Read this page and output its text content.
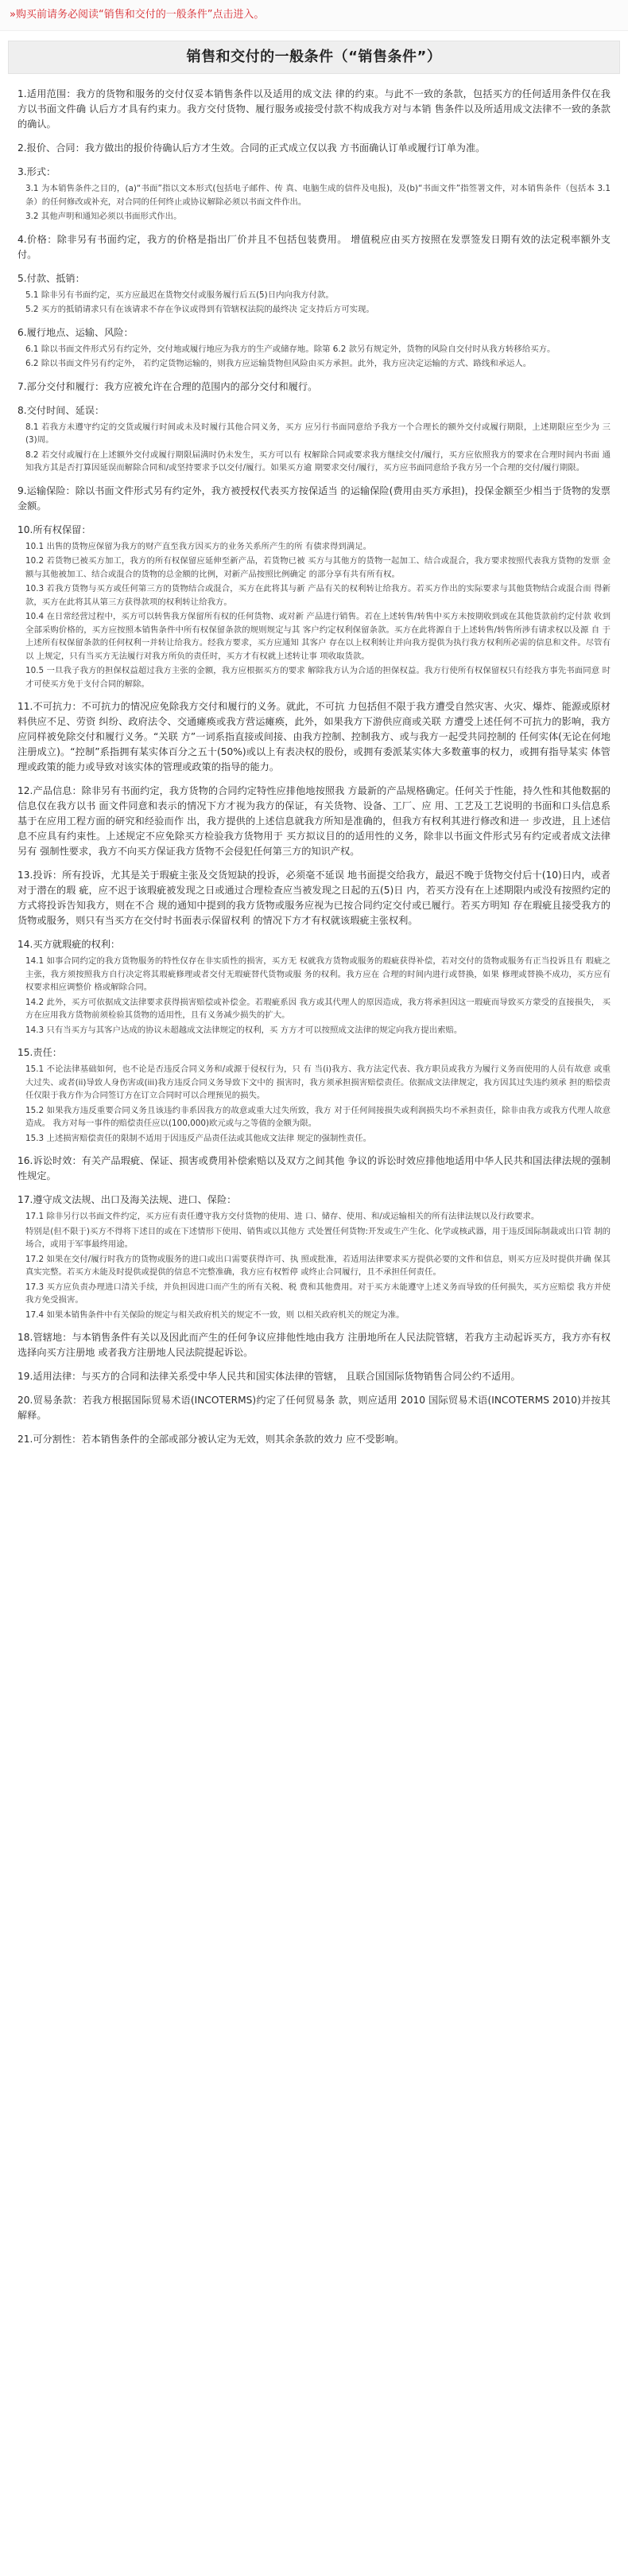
»购买前请务必阅读“销售和交付的一般条件”点击进入。
销售和交付的一般条件（“销售条件”）

1.适用范围：我方的货物和服务的交付仅妥本销售条件以及适用的成文法 律的约束。与此不一致的条款，包括买方的任何适用条件仅在我方以书面文件确 认后方才具有约束力。我方交付货物、履行服务或接受付款不构成我方对与本销 售条件以及所适用成文法律不一致的条款的确认。

2.报价、合同：我方做出的报价待确认后方才生效。合同的正式成立仅以我 方书面确认订单或履行订单为准。

3.形式：

3.1 为本销售条件之目的，(a)“书面”指以文本形式(包括电子邮件、传 真、电脑生成的信件及电报)，及(b)“书面文件”指签署文件，对本销售条件（包括本 3.1 条）的任何修改或补充，对合同的任何终止或协议解除必须以书面文件作出。

3.2 其他声明和通知必须以书面形式作出。

4.价格：除非另有书面约定，我方的价格是指出厂价并且不包括包装费用。 增值税应由买方按照在发票签发日期有效的法定税率额外支付。

5.付款、抵销：

5.1 除非另有书面约定，买方应最迟在货物交付或服务履行后五(5)日内向我方付款。

5.2 买方的抵销请求只有在该请求不存在争议或得到有管辖权法院的最终决 定支持后方可实现。

6.履行地点、运输、风险：

6.1 除以书面文件形式另有约定外，交付地或履行地应为我方的生产或储存地。除第 6.2 款另有规定外，货物的风险自交付时从我方转移给买方。

6.2 除以书面文件另有约定外， 若约定货物运输的，则我方应运输货物但风险由买方承担。此外，我方应决定运输的方式、路线和承运人。

7.部分交付和履行：我方应被允许在合理的范围内的部分交付和履行。

8.交付时间、延误：

8.1 若我方未遵守约定的交货或履行时间或未及时履行其他合同义务，买方 应另行书面同意给予我方一个合理长的额外交付或履行期限，上述期限应至少为 三(3)周。

8.2 若交付或履行在上述额外交付或履行期限届满时仍未发生，买方可以有 权解除合同或要求我方继续交付/履行，买方应依照我方的要求在合理时间内书面 通知我方其是否打算因延误而解除合同和/或坚持要求予以交付/履行。如果买方逾 期要求交付/履行，买方应书面同意给予我方另一个合理的交付/履行期限。

9.运输保险：除以书面文件形式另有约定外，我方被授权代表买方按保适当 的运输保险(费用由买方承担)，投保金额至少相当于货物的发票金额。

10.所有权保留：

10.1 出售的货物应保留为我方的财产直至我方因买方的业务关系所产生的所 有债求得到满足。

10.2 若货物已被买方加工，我方的所有权保留应延伸至新产品，若货物已被 买方与其他方的货物一起加工、结合或混合，我方要求按照代表我方货物的发票 金额与其他被加工、结合或混合的货物的总金额的比例，对新产品按照比例确定 的部分享有共有所有权。

10.3 若我方货物与买方或任何第三方的货物结合或混合，买方在此将其与新 产品有关的权利转让给我方。若买方作出的实际要求与其他货物结合或混合而 得新款，买方在此将其从第三方获得款项的权利转让给我方。

10.4 在日常经营过程中，买方可以转售我方保留所有权的任何货物、或对新 产品进行销售。若在上述转售/转售中买方未按期收到或在其他货款前约定付款 收到全部采购价格的，买方应按照本销售条件中所有权保留条款的规则规定与其 客户约定权利保留条款。买方在此将源自于上述转售/转售所涉有请求权以及源 自 于上述所有权保留条款的任何权利一并转让给我方。经我方要求，买方应通知 其客户 存在以上权利转让并向我方提供为执行我方权利所必需的信息和文件。尽管有以 上规定，只有当买方无法履行对我方所负的责任时，买方才有权就上述转让事 项收取货款。

10.5 一旦我子我方的担保权益超过我方主张的金额，我方应根据买方的要求 解除我方认为合适的担保权益。我方行使所有权保留权只有经我方事先书面同意 时才可使买方免于支付合同的解除。

11.不可抗力：不可抗力的情况应免除我方交付和履行的义务。就此，不可抗 力包括但不限于我方遭受自然灾害、火灾、爆炸、能源或原材料供应不足、劳资 纠纷、政府法令、交通瘫痪或我方营运瘫痪，此外，如果我方下游供应商或关联 方遭受上述任何不可抗力的影响，我方应同样被免除交付和履行义务。“关联 方”一词系指直接或间接、由我方控制、控制我方、或与我方一起受共同控制的 任何实体(无论在何地注册成立)。“控制”系指拥有某实体百分之五十(50%)或以上有表决权的股份，或拥有委派某实体大多数董事的权力，或拥有指导某实 体管理或政策的能力或导致对该实体的管理或政策的指导的能力。

12.产品信息：除非另有书面约定，我方货物的合同约定特性应排他地按照我 方最新的产品规格确定。任何关于性能，持久性和其他数据的信息仅在我方以书 面文件同意和表示的情况下方才视为我方的保证，有关货物、设备、工厂、应 用、工艺及工艺说明的书面和口头信息系基于在应用工程方面的研究和经验而作 出，我方提供的上述信息就我方所知是准确的，但我方有权利其进行修改和进一 步改进，且上述信息不应具有约束性。上述规定不应免除买方检验我方货物用于 买方拟议目的的适用性的义务，除非以书面文件形式另有约定或者成文法律另有 强制性要求，我方不向买方保证我方货物不会侵犯任何第三方的知识产权。

13.投诉：所有投诉，尤其是关于瑕疵主张及交货短缺的投诉，必须毫不延误 地书面提交给我方，最迟不晚于货物交付后十(10)日内，或者对于潜在的瑕 疵，应不迟于该瑕疵被发现之日或通过合理检查应当被发现之日起的五(5)日 内，若买方没有在上述期限内或没有按照约定的方式将投诉告知我方，则在不合 规的通知中提到的我方货物或服务应视为已按合同约定交付或已履行。若买方明知 存在瑕疵且接受我方的货物或服务，则只有当买方在交付时书面表示保留权利 的情况下方才有权就该瑕疵主张权利。

14.买方就瑕疵的权利：

14.1 如事合同约定的我方货物服务的特性仅存在非实质性的损害，买方无 权就我方货物或服务的瑕疵获得补偿，若对交付的货物或服务有正当投诉且有 瑕疵之主张，我方须按照我方自行决定将其瑕疵修理或者交付无瑕疵替代货物或服 务的权利。我方应在 合理的时间内进行或替换，如果 修理或替换不成功，买方应有权要求相应调整价 格或解除合同。

14.2 此外，买方可依据成文法律要求获得损害赔偿或补偿金。若瑕疵系因 我方或其代理人的原因造成，我方将承担因这一瑕疵而导致买方蒙受的直接损失， 买方在应用我方货物前须检验其货物的适用性，且有义务减少损失的扩大。

14.3 只有当买方与其客户达成的协议未超越成文法律规定的权利，买 方方才可以按照成文法律的规定向我方提出索赔。

15.责任：

15.1 不论法律基础如何，也不论是否违反合同义务和/或源于侵权行为，只 有 当(i)我方、我方法定代表、我方职员或我方为履行义务而使用的人员有故意 或重大过失、或者(ii)导致人身伤害或(iii)我方违反合同义务导致下文中的 损害时，我方须承担损害赔偿责任。依据成文法律规定，我方因其过失违约须承 担的赔偿责任仅限于我方作为合同签订方在订立合同时可以合理预见的损失。

15.2 如果我方违反重要合同义务且该违约非系因我方的故意或重大过失所致，我方 对于任何间接损失或利润损失均不承担责任，除非由我方或我方代理人故意造成。 我方对每一事件的赔偿责任应以(100,000)欧元或与之等值的金额为限。

15.3 上述损害赔偿责任的限制不适用于因违反产品责任法或其他成文法律 规定的强制性责任。

16.诉讼时效：有关产品瑕疵、保证、损害或费用补偿索赔以及双方之间其他 争议的诉讼时效应排他地适用中华人民共和国法律法规的强制性规定。

17.遵守成文法规、出口及海关法规、进口、保险：

17.1 除非另行以书面文件约定，买方应有责任遵守我方交付货物的使用、进 口、储存、使用、和/或运输相关的所有法律法规以及行政要求。

特别是(但不限于)买方不得将下述目的或在下述情形下使用、销售或以其他方 式处置任何货物:开发或生产生化、化学或核武器，用于违反国际制裁或出口管 制的场合，或用于军事最终用途。

17.2 如果在交付/履行时我方的货物或服务的进口或出口需要获得许可、执 照或批准，若适用法律要求买方提供必要的文件和信息，则买方应及时提供并确 保其真实完整。若买方未能及时提供或提供的信息不完整准确，我方应有权暂停 或终止合同履行，且不承担任何责任。

17.3 买方应负责办理进口清关手续，并负担因进口而产生的所有关税、税 费和其他费用。对于买方未能遵守上述义务而导致的任何损失，买方应赔偿 我方并使我方免受损害。

17.4 如果本销售条件中有关保险的规定与相关政府机关的规定不一致，则 以相关政府机关的规定为准。

18.管辖地：与本销售条件有关以及因此而产生的任何争议应排他性地由我方 注册地所在人民法院管辖，若我方主动起诉买方，我方亦有权选择向买方注册地 或者我方注册地人民法院提起诉讼。

19.适用法律：与买方的合同和法律关系受中华人民共和国实体法律的管辖， 且联合国国际货物销售合同公约不适用。

20.贸易条款：若我方根据国际贸易术语(INCOTERMS)约定了任何贸易条 款，则应适用 2010 国际贸易术语(INCOTERMS 2010)并按其解释。

21.可分割性：若本销售条件的全部或部分被认定为无效，则其余条款的效力 应不受影响。
